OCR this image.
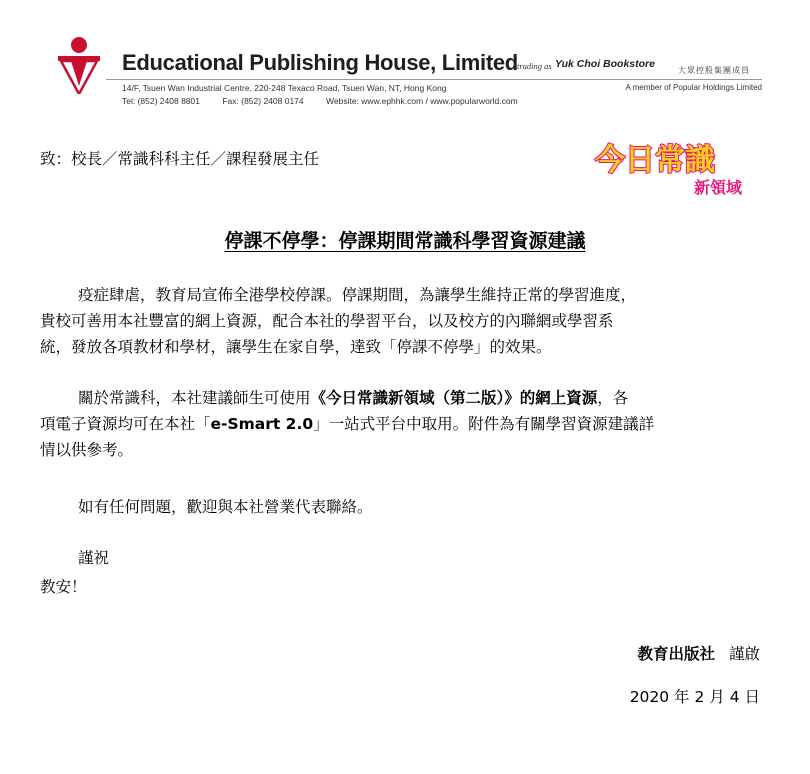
Educational Publishing House, Limited trading as Yuk Choi Bookstore
大眾控股集團成員
14/F, Tsuen Wan Industrial Centre, 220-248 Texaco Road, Tsuen Wan, NT, Hong Kong	A member of Popular Holdings Limited
Tel: (852) 2408 8801	Fax: (852) 2408 0174	Website: www.ephhk.com / www.popularworld.com
今日常識
新領域
致：校長／常識科科主任／課程發展主任
停課不停學：停課期間常識科學習資源建議
疫症肆虐，教育局宣佈全港學校停課。停課期間，為讓學生維持正常的學習進度，
貴校可善用本社豐富的網上資源，配合本社的學習平台，以及校方的內聯網或學習系
統，發放各項教材和學材，讓學生在家自學，達致「停課不停學」的效果。
關於常識科，本社建議師生可使用《今日常識新領域（第二版）》的網上資源，各
項電子資源均可在本社「e-Smart 2.0」一站式平台中取用。附件為有關學習資源建議詳
情以供參考。
如有任何問題，歡迎與本社營業代表聯絡。
謹祝
教安！
教育出版社 謹啟
2020 年 2 月 4 日
